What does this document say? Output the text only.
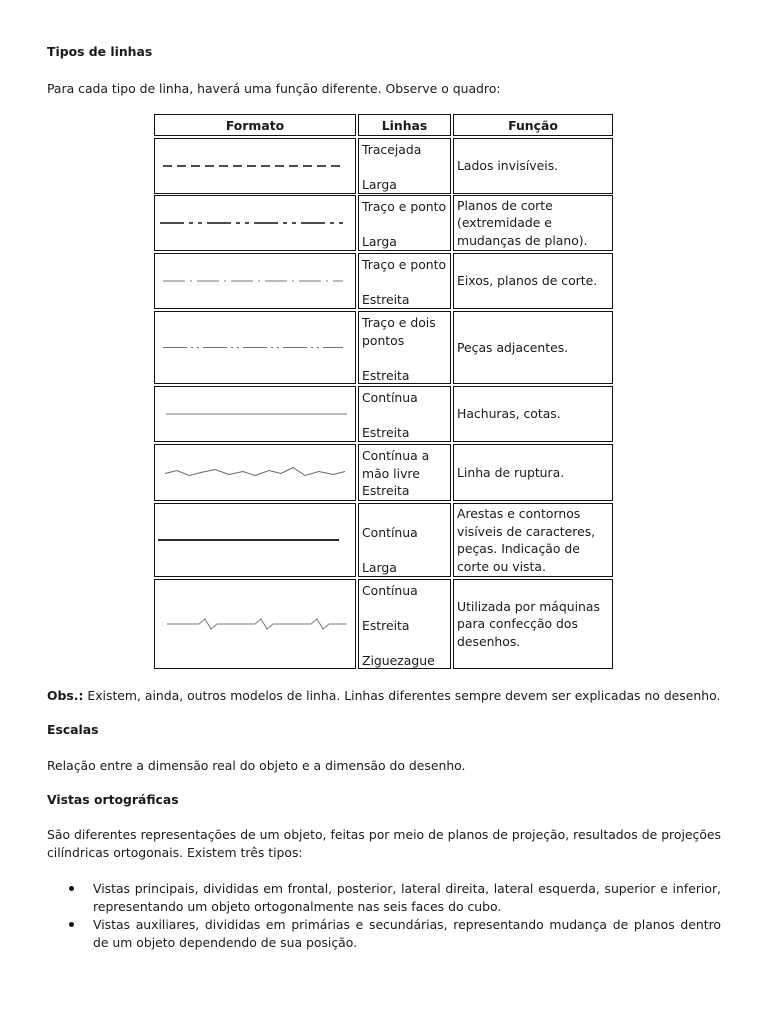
Tipos de linhas
Para cada tipo de linha, haverá uma função diferente. Observe o quadro:
Formato	Linhas	Função
Tracejada
Larga
Lados invisíveis.
Traço e ponto
Larga
Planos de corte (extremidade e mudanças de plano).
Traço e ponto
Estreita
Eixos, planos de corte.
Traço e dois pontos
Estreita
Peças adjacentes.
Contínua
Estreita
Hachuras, cotas.
Contínua a mão livre
Estreita
Linha de ruptura.
Contínua
Larga
Arestas e contornos visíveis de caracteres, peças. Indicação de corte ou vista.
Contínua
Estreita
Ziguezague
Utilizada por máquinas para confecção dos desenhos.
Obs.: Existem, ainda, outros modelos de linha. Linhas diferentes sempre devem ser explicadas no desenho.
Escalas
Relação entre a dimensão real do objeto e a dimensão do desenho.
Vistas ortográficas
São diferentes representações de um objeto, feitas por meio de planos de projeção, resultados de projeções cilíndricas ortogonais. Existem três tipos:
Vistas principais, divididas em frontal, posterior, lateral direita, lateral esquerda, superior e inferior, representando um objeto ortogonalmente nas seis faces do cubo.
Vistas auxiliares, divididas em primárias e secundárias, representando mudança de planos dentro de um objeto dependendo de sua posição.
